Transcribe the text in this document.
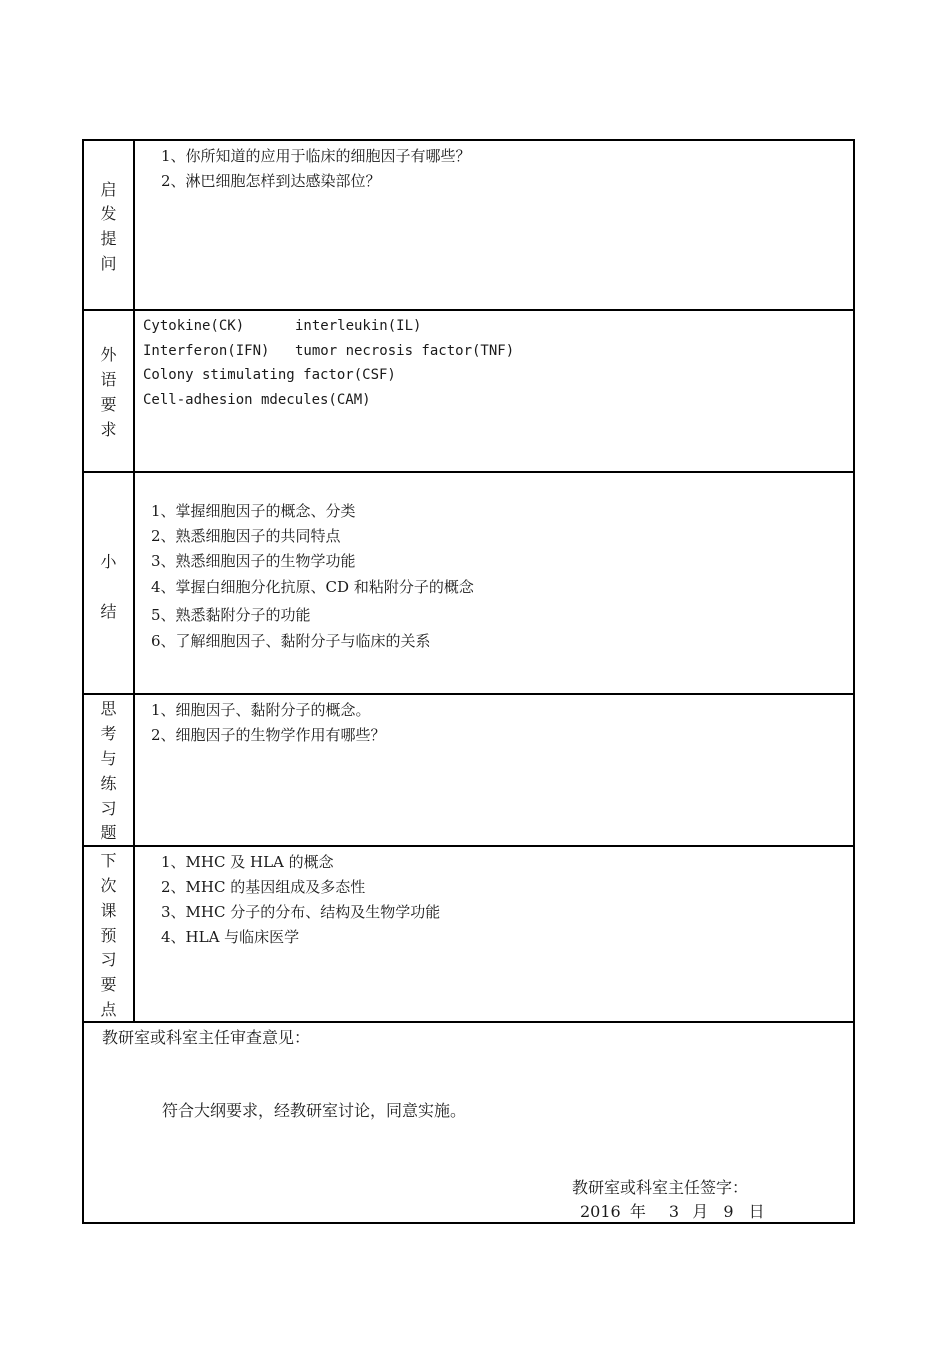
启
发
提
问
1、你所知道的应用于临床的细胞因子有哪些？
2、淋巴细胞怎样到达感染部位？
外
语
要
求
Cytokine(CK)	interleukin(IL)
Interferon(IFN) tumor necrosis factor(TNF)
Colony stimulating factor(CSF)
Cell-adhesion mdecules(CAM)
小
结
1、掌握细胞因子的概念、分类
2、熟悉细胞因子的共同特点
3、熟悉细胞因子的生物学功能
4、掌握白细胞分化抗原、CD 和粘附分子的概念
5、熟悉黏附分子的功能
6、了解细胞因子、黏附分子与临床的关系
思
考
与
练
习
题
1、细胞因子、黏附分子的概念。
2、细胞因子的生物学作用有哪些？
下
次
课
预
习
要
点
1、MHC 及 HLA 的概念
2、MHC 的基因组成及多态性
3、MHC 分子的分布、结构及生物学功能
4、HLA 与临床医学
教研室或科室主任审查意见：
符合大纲要求，经教研室讨论，同意实施。
教研室或科室主任签字：
2016 年 3 月 9 日
